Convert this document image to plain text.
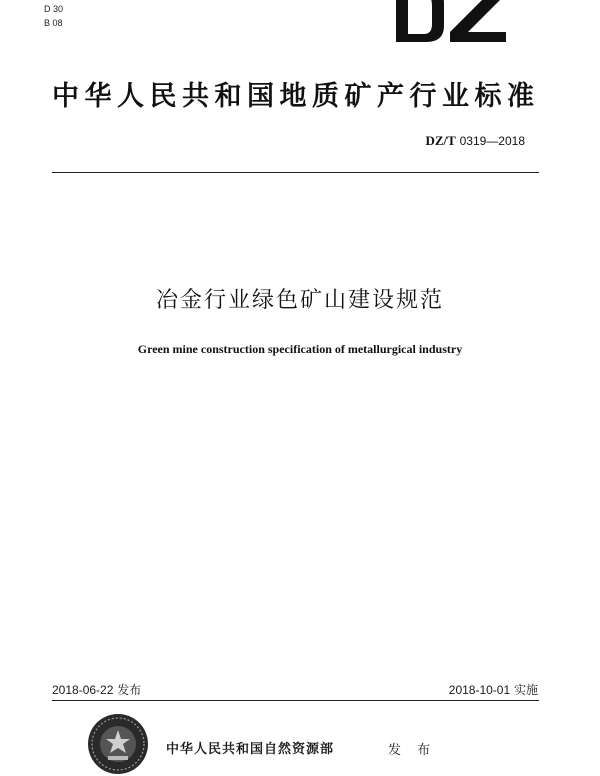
D 30
B 08
中华人民共和国地质矿产行业标准
DZ/T 0319—2018
冶金行业绿色矿山建设规范
Green mine construction specification of metallurgical industry
2018-06-22 发布	2018-10-01 实施
中华人民共和国自然资源部	发 布
